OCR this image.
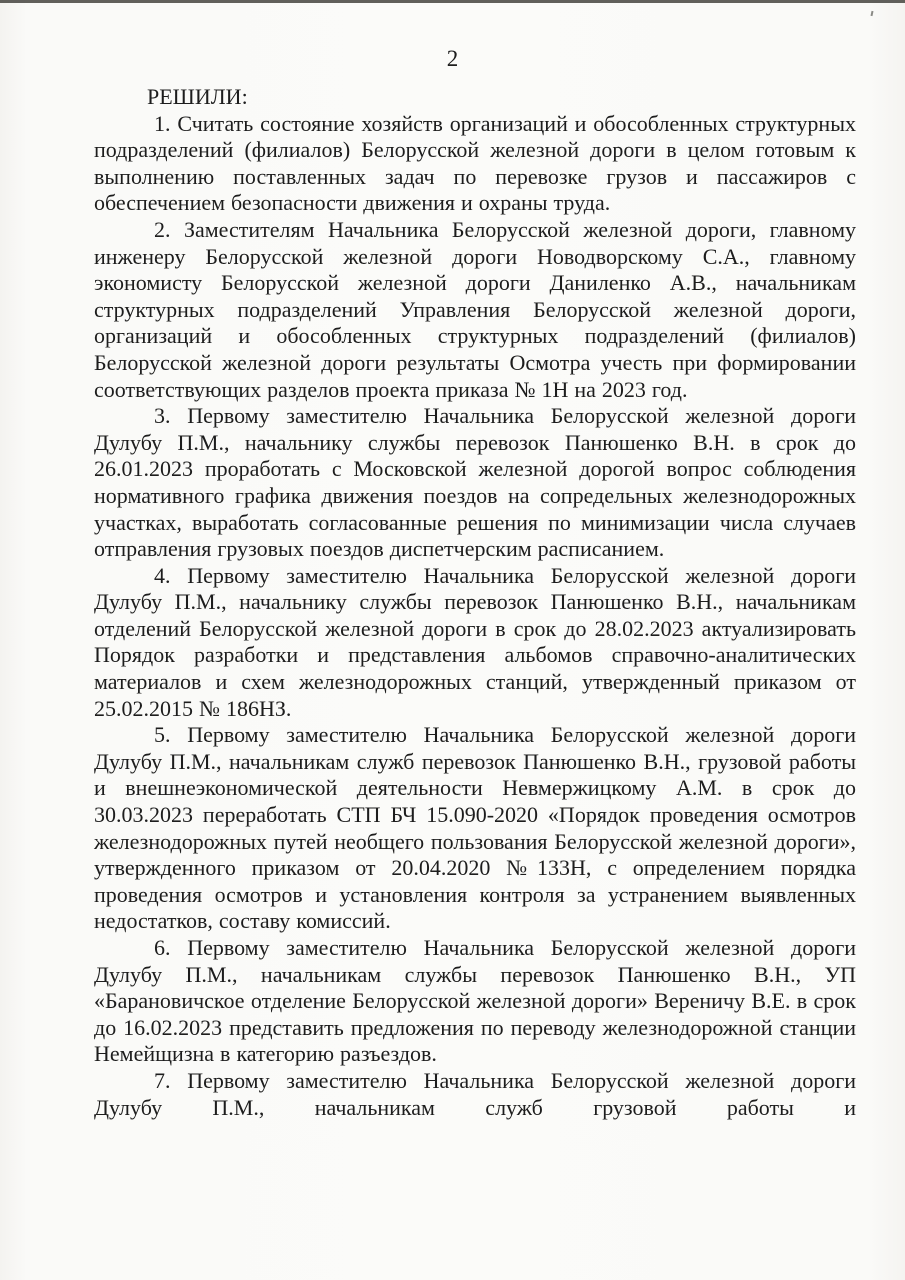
2

РЕШИЛИ:

1. Считать состояние хозяйств организаций и обособленных структурных подразделений (филиалов) Белорусской железной дороги в целом готовым к выполнению поставленных задач по перевозке грузов и пассажиров с обеспечением безопасности движения и охраны труда.

2. Заместителям Начальника Белорусской железной дороги, главному инженеру Белорусской железной дороги Новодворскому С.А., главному экономисту Белорусской железной дороги Даниленко А.В., начальникам структурных подразделений Управления Белорусской железной дороги, организаций и обособленных структурных подразделений (филиалов) Белорусской железной дороги результаты Осмотра учесть при формировании соответствующих разделов проекта приказа № 1Н на 2023 год.

3. Первому заместителю Начальника Белорусской железной дороги Дулубу П.М., начальнику службы перевозок Панюшенко В.Н. в срок до 26.01.2023 проработать с Московской железной дорогой вопрос соблюдения нормативного графика движения поездов на сопредельных железнодорожных участках, выработать согласованные решения по минимизации числа случаев отправления грузовых поездов диспетчерским расписанием.

4. Первому заместителю Начальника Белорусской железной дороги Дулубу П.М., начальнику службы перевозок Панюшенко В.Н., начальникам отделений Белорусской железной дороги в срок до 28.02.2023 актуализировать Порядок разработки и представления альбомов справочно-аналитических материалов и схем железнодорожных станций, утвержденный приказом от 25.02.2015 № 186НЗ.

5. Первому заместителю Начальника Белорусской железной дороги Дулубу П.М., начальникам служб перевозок Панюшенко В.Н., грузовой работы и внешнеэкономической деятельности Невмержицкому А.М. в срок до 30.03.2023 переработать СТП БЧ 15.090-2020 «Порядок проведения осмотров железнодорожных путей необщего пользования Белорусской железной дороги», утвержденного приказом от 20.04.2020 №133Н, с определением порядка проведения осмотров и установления контроля за устранением выявленных недостатков, составу комиссий.

6. Первому заместителю Начальника Белорусской железной дороги Дулубу П.М., начальникам службы перевозок Панюшенко В.Н., УП «Барановичское отделение Белорусской железной дороги» Вереничу В.Е. в срок до 16.02.2023 представить предложения по переводу железнодорожной станции Немейщизна в категорию разъездов.

7. Первому заместителю Начальника Белорусской железной дороги Дулубу П.М., начальникам служб грузовой работы и
